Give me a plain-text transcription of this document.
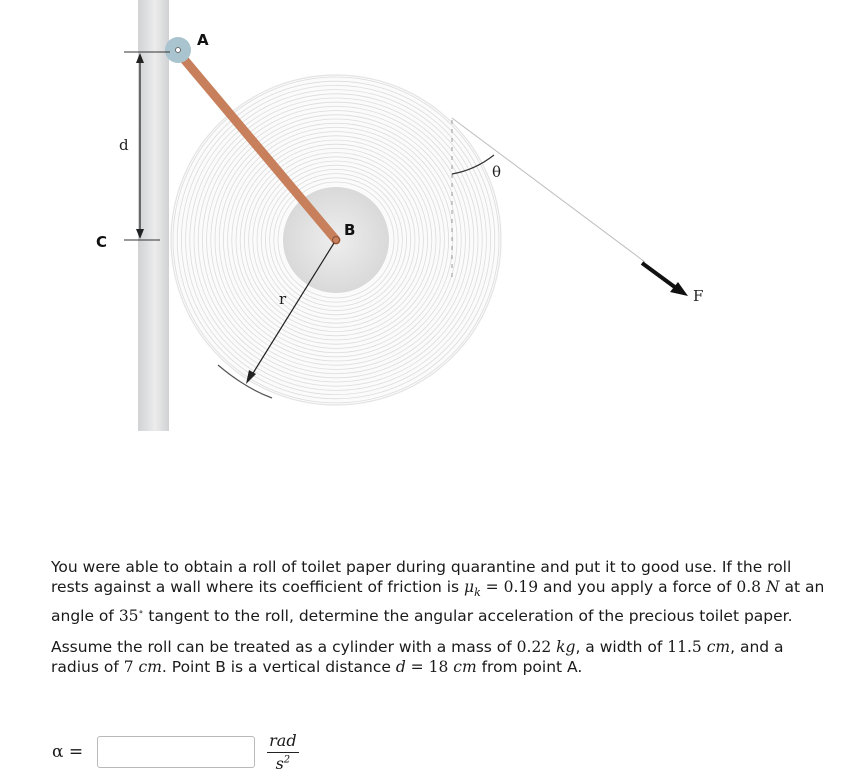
A
B
C
d
r
θ
F

You were able to obtain a roll of toilet paper during quarantine and put it to good use. If the roll rests against a wall where its coefficient of friction is $\mu_k = 0.19$ and you apply a force of 0.8 N at an angle of 35∘ tangent to the roll, determine the angular acceleration of the precious toilet paper.

Assume the roll can be treated as a cylinder with a mass of 0.22 kg, a width of 11.5 cm, and a radius of 7 cm. Point B is a vertical distance d = 18 cm from point A.

α =
rad
$s^2$
